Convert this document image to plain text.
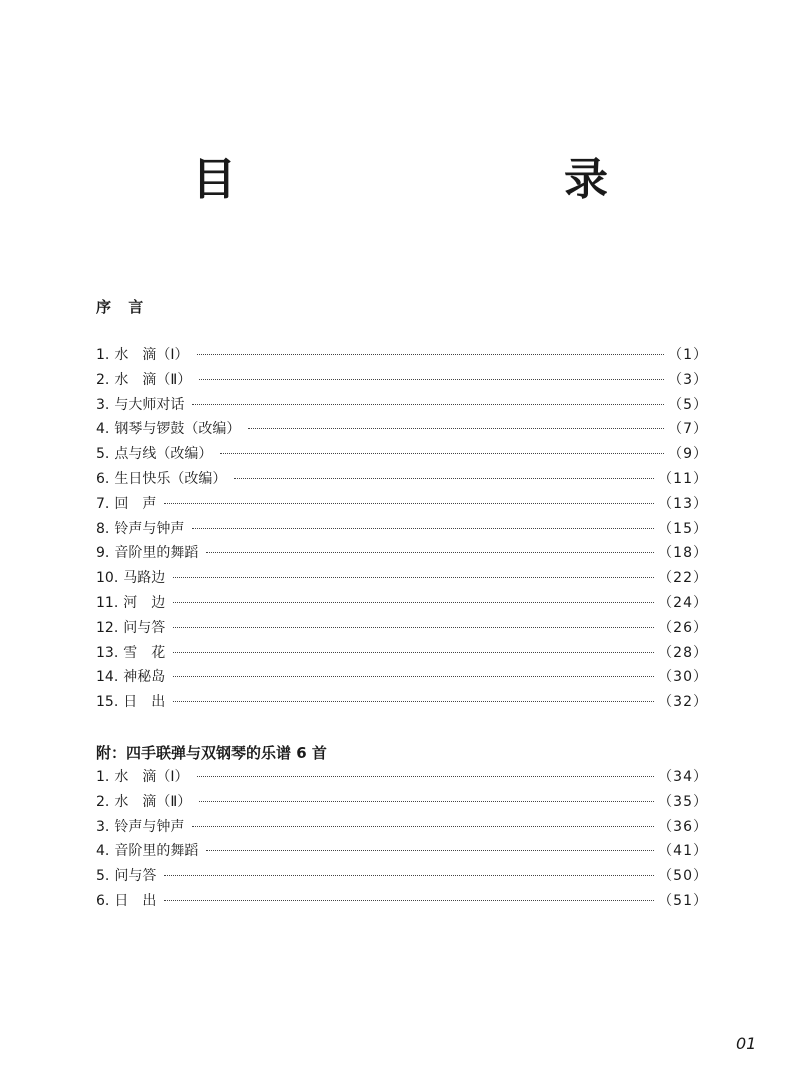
目　　录
序 言
1. 水　滴（Ⅰ）	（1）
2. 水　滴（Ⅱ）	（3）
3. 与大师对话	（5）
4. 钢琴与锣鼓（改编）	（7）
5. 点与线（改编）	（9）
6. 生日快乐（改编）	（11）
7. 回　声	（13）
8. 铃声与钟声	（15）
9. 音阶里的舞蹈	（18）
10. 马路边	（22）
11. 河　边	（24）
12. 问与答	（26）
13. 雪　花	（28）
14. 神秘岛	（30）
15. 日　出	（32）
附：四手联弹与双钢琴的乐谱 6 首
1. 水　滴（Ⅰ）	（34）
2. 水　滴（Ⅱ）	（35）
3. 铃声与钟声	（36）
4. 音阶里的舞蹈	（41）
5. 问与答	（50）
6. 日　出	（51）
01
